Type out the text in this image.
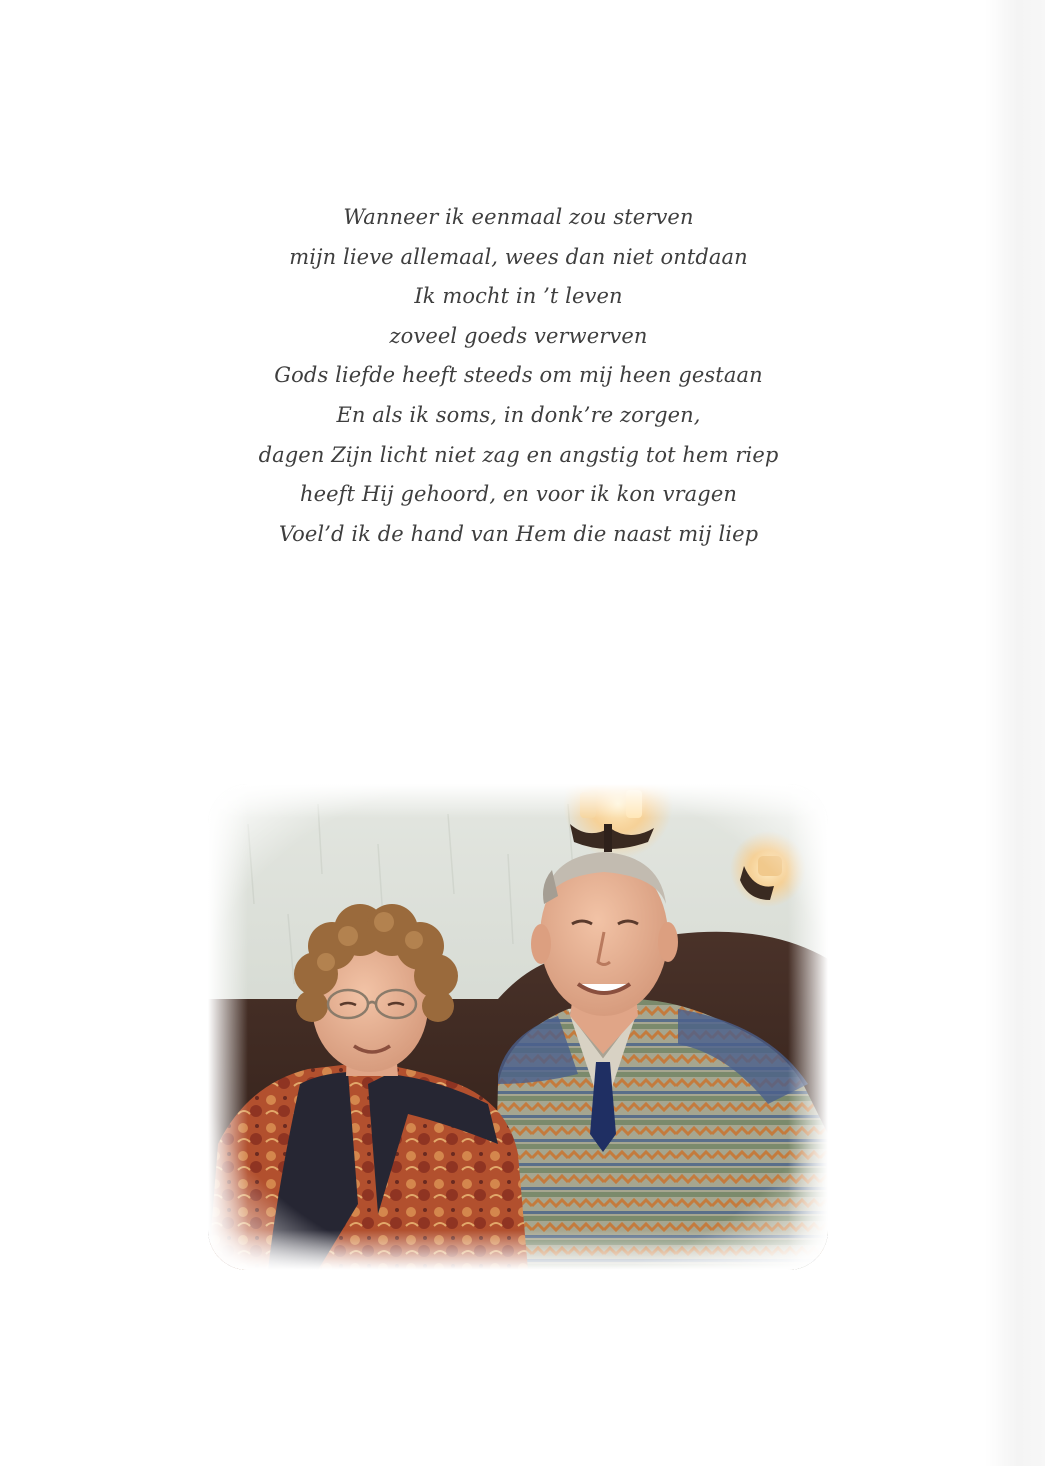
Wanneer ik eenmaal zou sterven
mijn lieve allemaal, wees dan niet ontdaan
Ik mocht in ’t leven
zoveel goeds verwerven
Gods liefde heeft steeds om mij heen gestaan
En als ik soms, in donk’re zorgen,
dagen Zijn licht niet zag en angstig tot hem riep
heeft Hij gehoord, en voor ik kon vragen
Voel’d ik de hand van Hem die naast mij liep
